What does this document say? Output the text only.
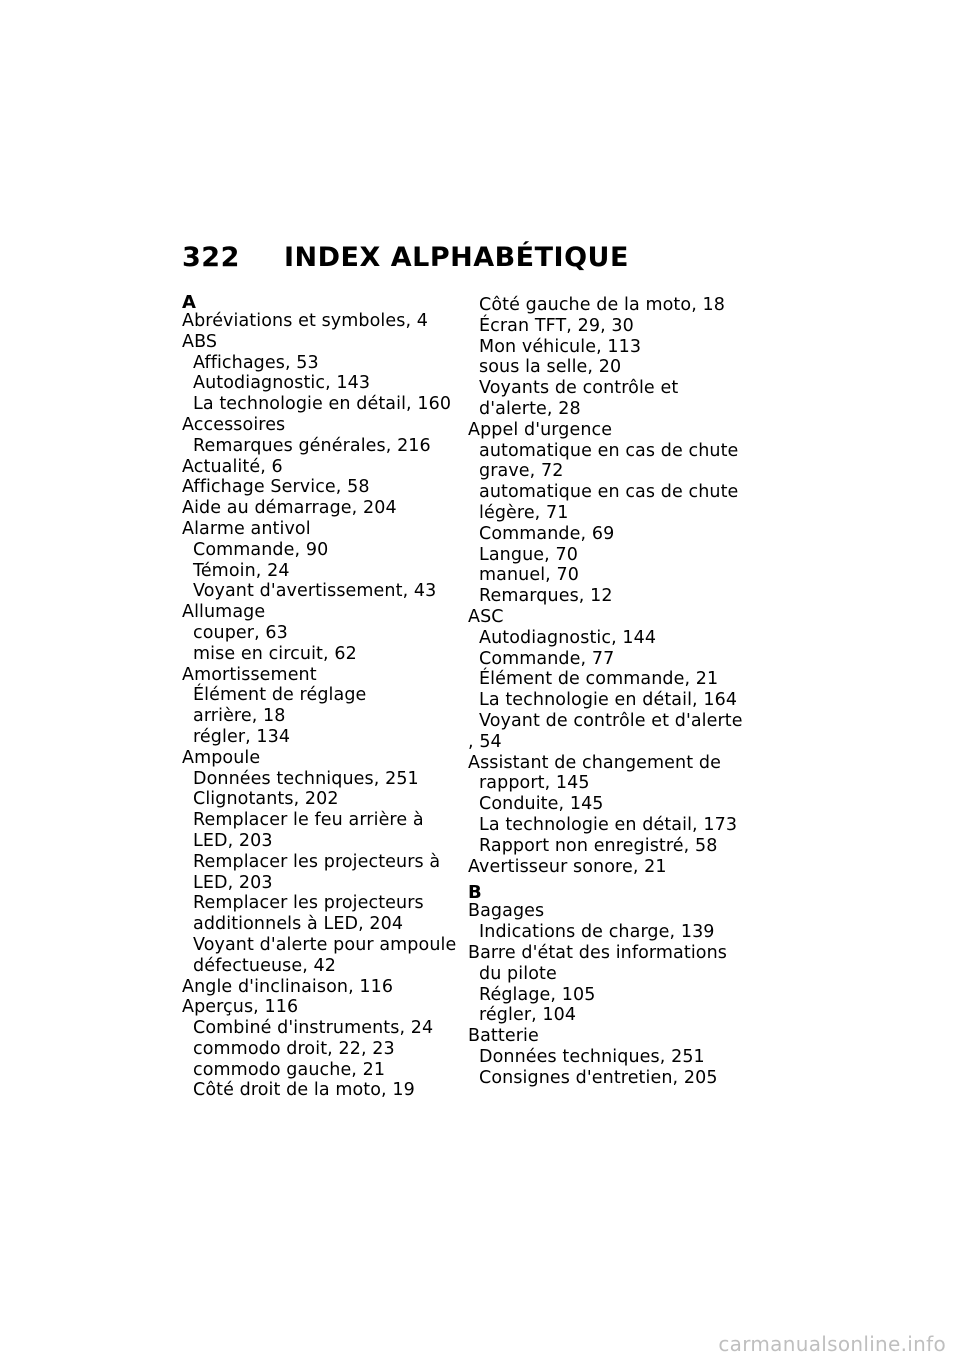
322 INDEX ALPHABÉTIQUE
A
Abréviations et symboles, 4
ABS
Affichages, 53
Autodiagnostic, 143
La technologie en détail, 160
Accessoires
Remarques générales, 216
Actualité, 6
Affichage Service, 58
Aide au démarrage, 204
Alarme antivol
Commande, 90
Témoin, 24
Voyant d'avertissement, 43
Allumage
couper, 63
mise en circuit, 62
Amortissement
Élément de réglage
arrière, 18
régler, 134
Ampoule
Données techniques, 251
Clignotants, 202
Remplacer le feu arrière à
LED, 203
Remplacer les projecteurs à
LED, 203
Remplacer les projecteurs
additionnels à LED, 204
Voyant d'alerte pour ampoule
défectueuse, 42
Angle d'inclinaison, 116
Aperçus, 116
Combiné d'instruments, 24
commodo droit, 22, 23
commodo gauche, 21
Côté droit de la moto, 19
Côté gauche de la moto, 18
Écran TFT, 29, 30
Mon véhicule, 113
sous la selle, 20
Voyants de contrôle et
d'alerte, 28
Appel d'urgence
automatique en cas de chute
grave, 72
automatique en cas de chute
légère, 71
Commande, 69
Langue, 70
manuel, 70
Remarques, 12
ASC
Autodiagnostic, 144
Commande, 77
Élément de commande, 21
La technologie en détail, 164
Voyant de contrôle et d'alerte
, 54
Assistant de changement de
rapport, 145
Conduite, 145
La technologie en détail, 173
Rapport non enregistré, 58
Avertisseur sonore, 21
B
Bagages
Indications de charge, 139
Barre d'état des informations
du pilote
Réglage, 105
régler, 104
Batterie
Données techniques, 251
Consignes d'entretien, 205
carmanualsonline.info
